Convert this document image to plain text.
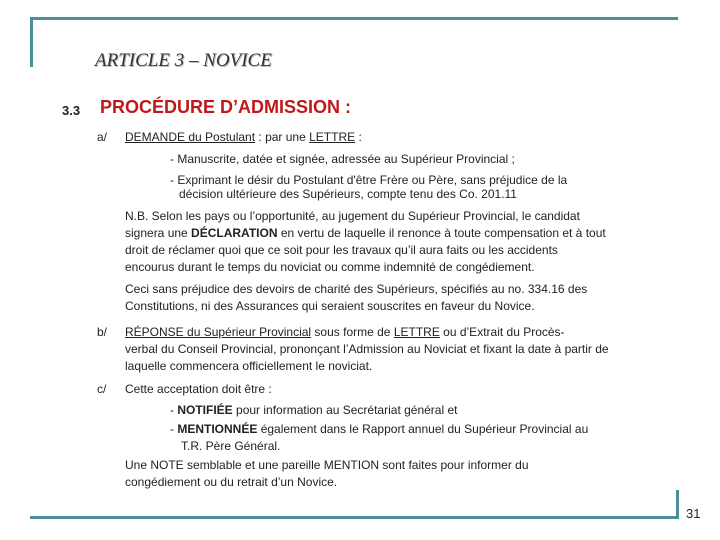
ARTICLE 3 – NOVICE
3.3 PROCÉDURE D’ADMISSION :
a/ DEMANDE du Postulant : par une LETTRE :
- Manuscrite, datée et signée, adressée au Supérieur Provincial ;
- Exprimant le désir du Postulant d'être Frère ou Père, sans préjudice de la
décision ultérieure des Supérieurs, compte tenu des Co. 201.11
N.B. Selon les pays ou l’opportunité, au jugement du Supérieur Provincial, le candidat
signera une DÉCLARATION en vertu de laquelle il renonce à toute compensation et à tout
droit de réclamer quoi que ce soit pour les travaux qu’il aura faits ou les accidents
encourus durant le temps du noviciat ou comme indemnité de congédiement.
Ceci sans préjudice des devoirs de charité des Supérieurs, spécifiés au no. 334.16 des
Constitutions, ni des Assurances qui seraient souscrites en faveur du Novice.
b/ RÉPONSE du Supérieur Provincial sous forme de LETTRE ou d’Extrait du Procès-
verbal du Conseil Provincial, prononçant l’Admission au Noviciat et fixant la date à partir de
laquelle commencera officiellement le noviciat.
c/ Cette acceptation doit être :
- NOTIFIÉE pour information au Secrétariat général et
- MENTIONNÉE également dans le Rapport annuel du Supérieur Provincial au
T.R. Père Général.
Une NOTE semblable et une pareille MENTION sont faites pour informer du
congédiement ou du retrait d’un Novice.
31
